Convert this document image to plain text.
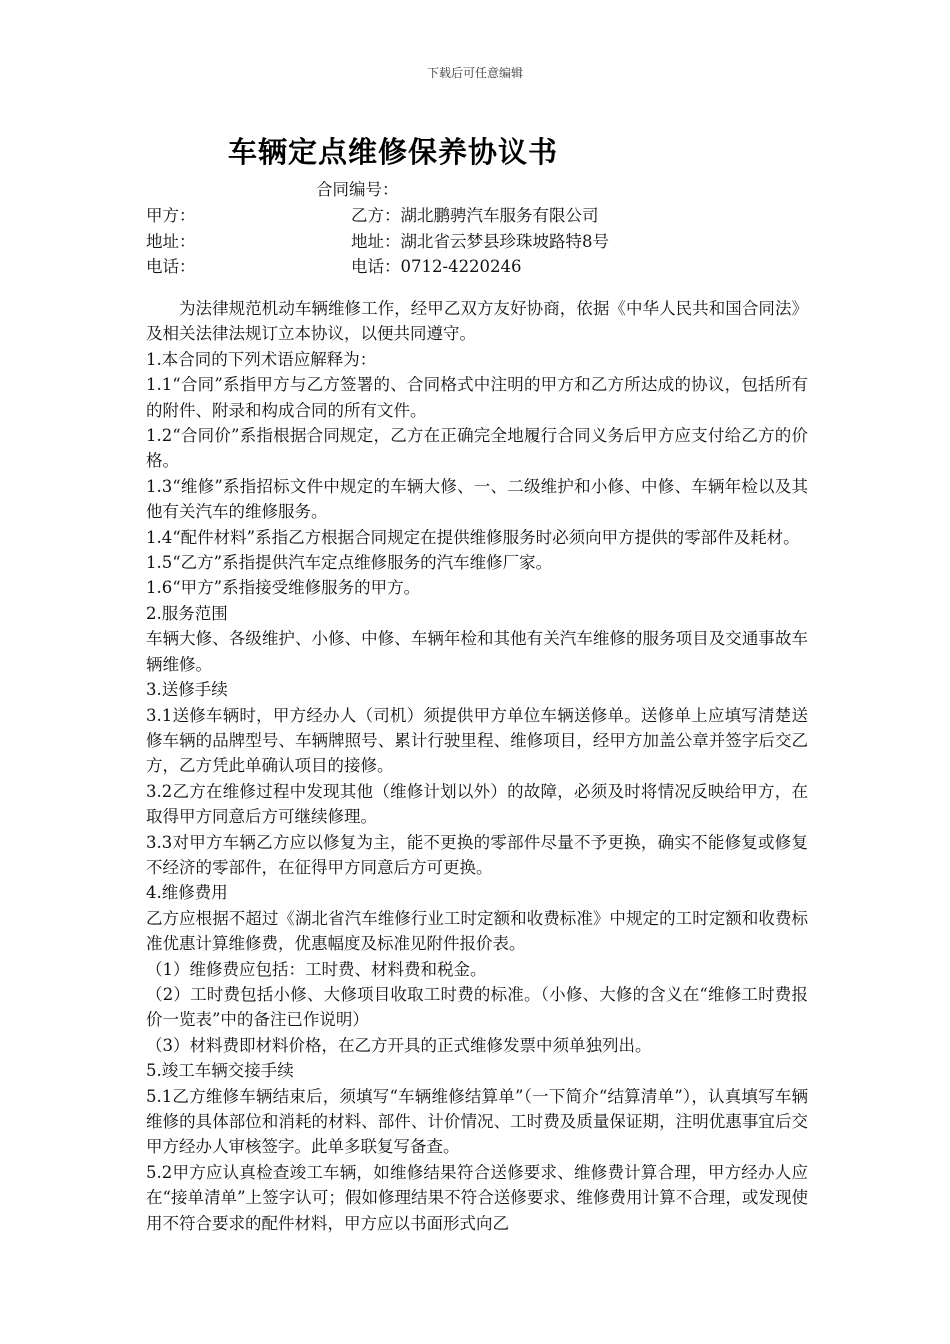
下载后可任意编辑
车辆定点维修保养协议书
合同编号：
甲方：	乙方：湖北鹏骋汽车服务有限公司
地址：	地址：湖北省云梦县珍珠坡路特8号
电话：	电话：0712-4220246

为法律规范机动车辆维修工作，经甲乙双方友好协商，依据《中华人民共和国合同法》及相关法律法规订立本协议，以便共同遵守。

1.本合同的下列术语应解释为：

1.1“合同”系指甲方与乙方签署的、合同格式中注明的甲方和乙方所达成的协议，包括所有的附件、附录和构成合同的所有文件。

1.2“合同价”系指根据合同规定，乙方在正确完全地履行合同义务后甲方应支付给乙方的价格。

1.3“维修”系指招标文件中规定的车辆大修、一、二级维护和小修、中修、车辆年检以及其他有关汽车的维修服务。

1.4“配件材料”系指乙方根据合同规定在提供维修服务时必须向甲方提供的零部件及耗材。

1.5“乙方”系指提供汽车定点维修服务的汽车维修厂家。

1.6“甲方”系指接受维修服务的甲方。

2.服务范围

车辆大修、各级维护、小修、中修、车辆年检和其他有关汽车维修的服务项目及交通事故车辆维修。

3.送修手续

3.1送修车辆时，甲方经办人（司机）须提供甲方单位车辆送修单。送修单上应填写清楚送修车辆的品牌型号、车辆牌照号、累计行驶里程、维修项目，经甲方加盖公章并签字后交乙方，乙方凭此单确认项目的接修。

3.2乙方在维修过程中发现其他（维修计划以外）的故障，必须及时将情况反映给甲方，在取得甲方同意后方可继续修理。

3.3对甲方车辆乙方应以修复为主，能不更换的零部件尽量不予更换，确实不能修复或修复不经济的零部件，在征得甲方同意后方可更换。

4.维修费用

乙方应根据不超过《湖北省汽车维修行业工时定额和收费标准》中规定的工时定额和收费标准优惠计算维修费，优惠幅度及标准见附件报价表。

（1）维修费应包括：工时费、材料费和税金。

（2）工时费包括小修、大修项目收取工时费的标准。（小修、大修的含义在“维修工时费报价一览表”中的备注已作说明）

（3）材料费即材料价格，在乙方开具的正式维修发票中须单独列出。

5.竣工车辆交接手续

5.1乙方维修车辆结束后，须填写“车辆维修结算单”（一下简介“结算清单”），认真填写车辆维修的具体部位和消耗的材料、部件、计价情况、工时费及质量保证期，注明优惠事宜后交甲方经办人审核签字。此单多联复写备查。

5.2甲方应认真检查竣工车辆，如维修结果符合送修要求、维修费计算合理，甲方经办人应在“接单清单”上签字认可；假如修理结果不符合送修要求、维修费用计算不合理，或发现使用不符合要求的配件材料，甲方应以书面形式向乙
